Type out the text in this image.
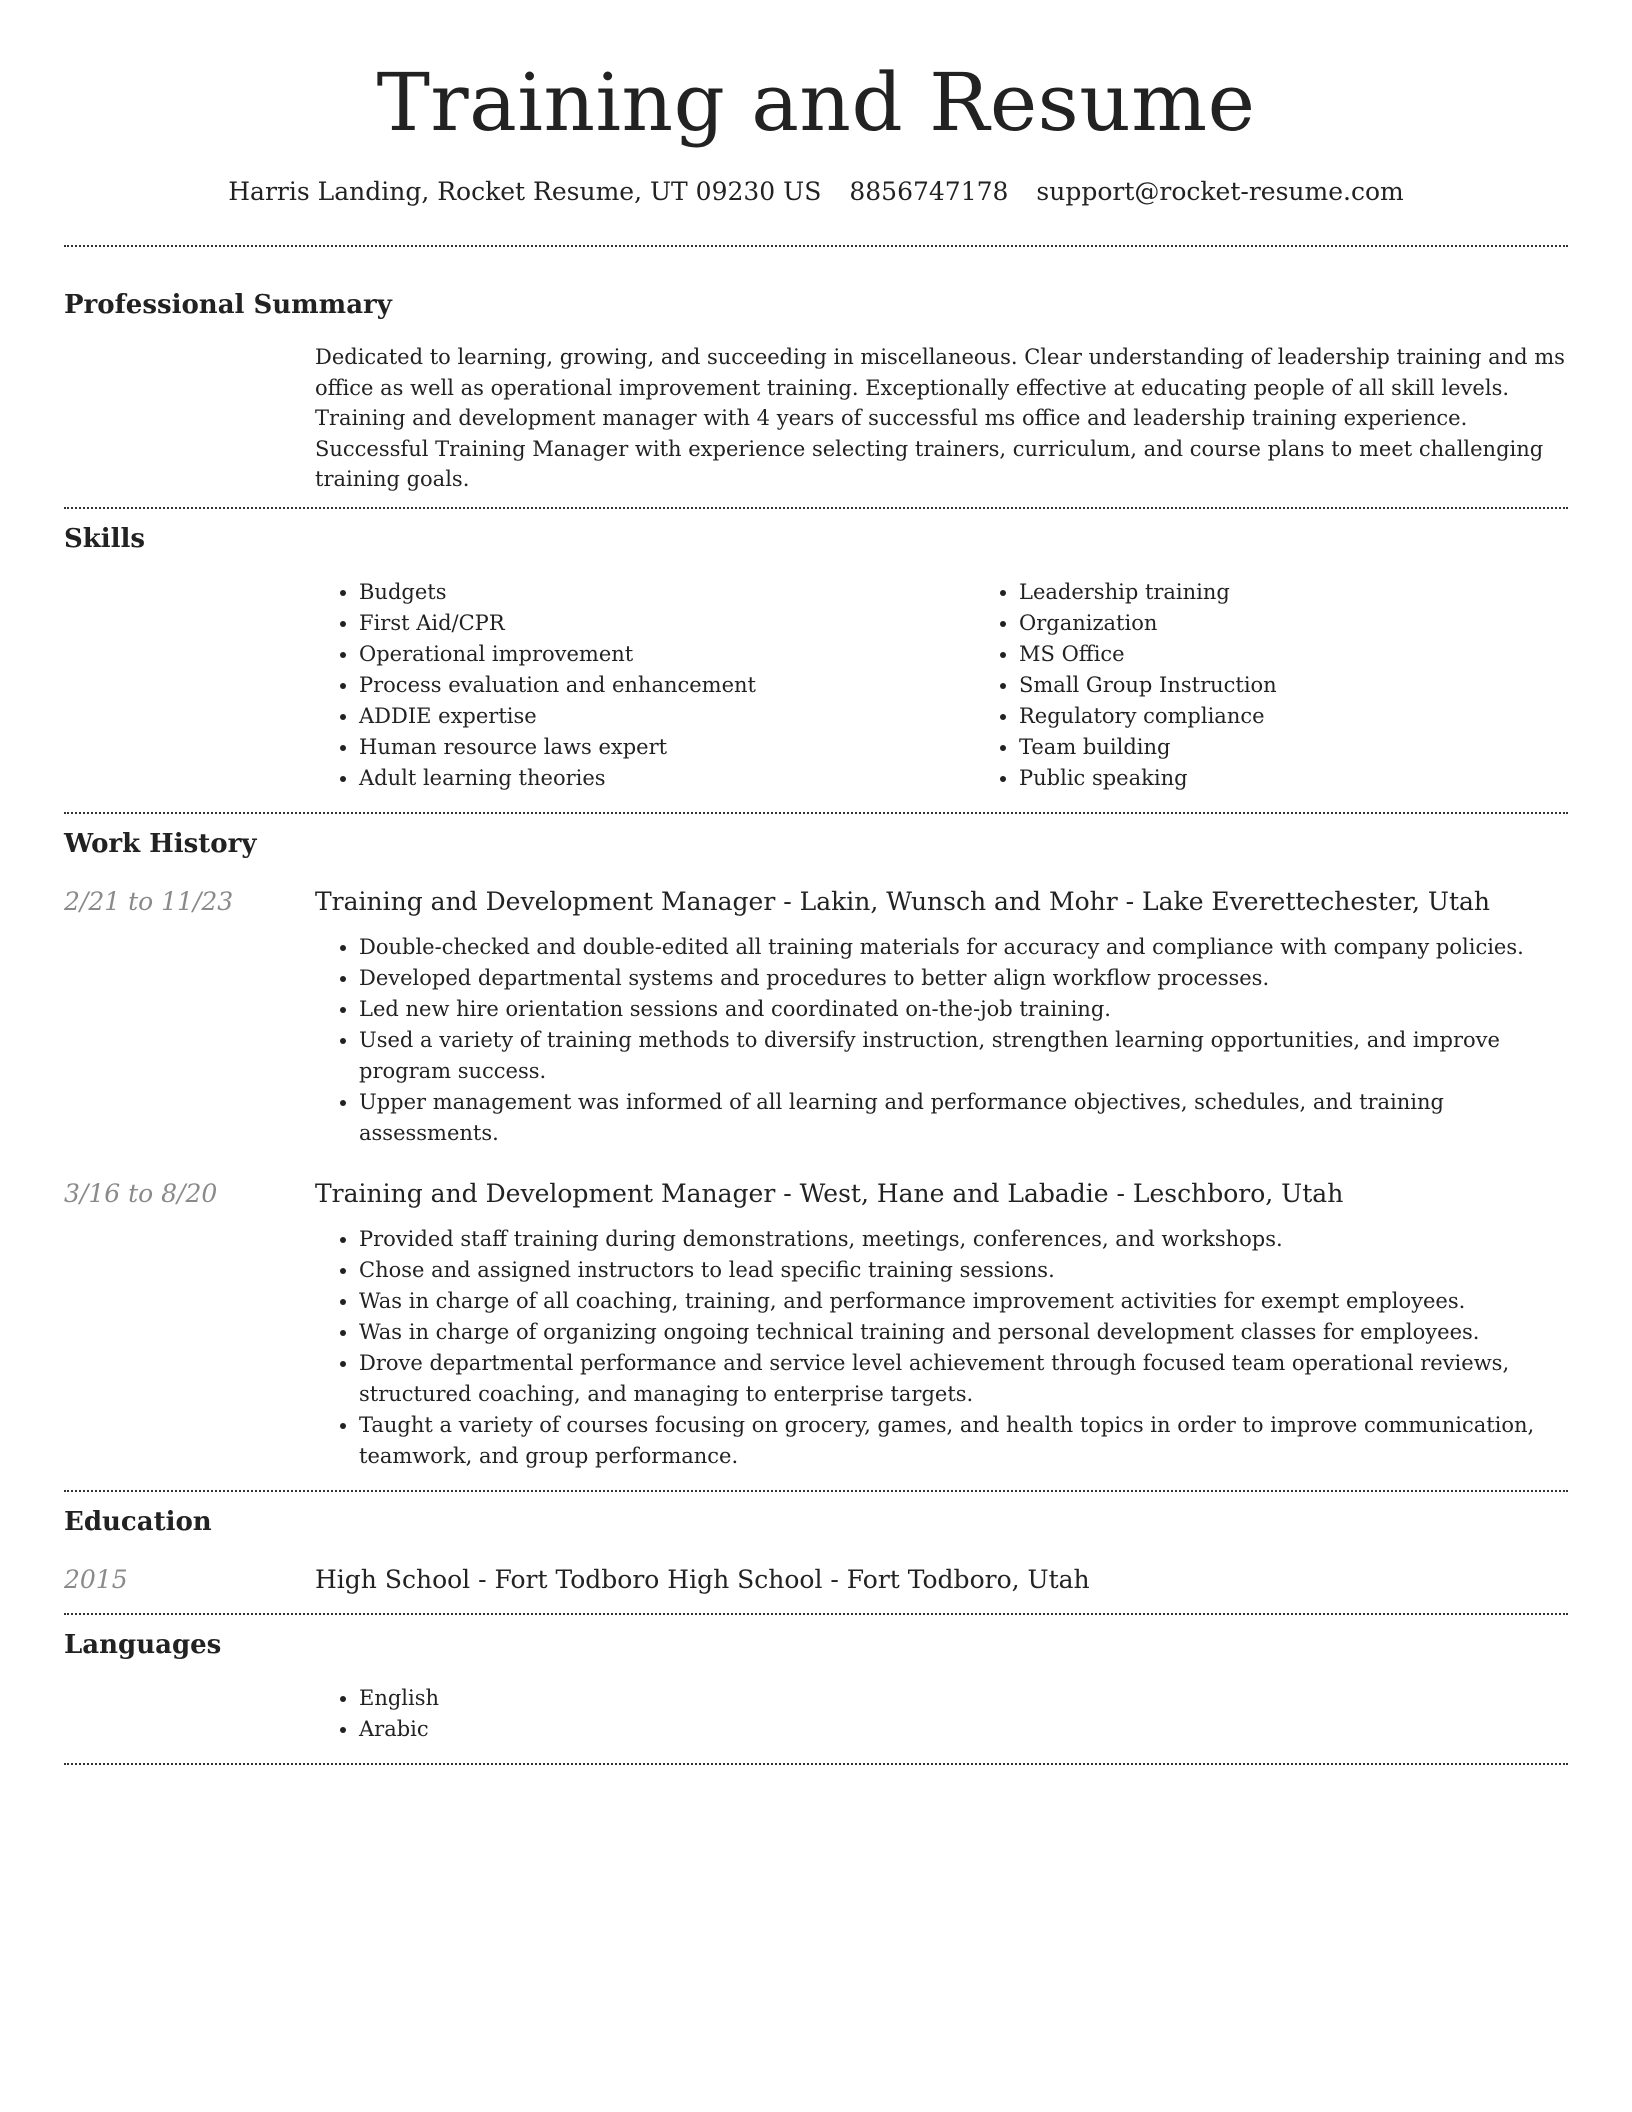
Training and Resume
Harris Landing, Rocket Resume, UT 09230 US 8856747178 support@rocket-resume.com
Professional Summary

Dedicated to learning, growing, and succeeding in miscellaneous. Clear understanding of leadership training and ms office as well as operational improvement training. Exceptionally effective at educating people of all skill levels. Training and development manager with 4 years of successful ms office and leadership training experience. Successful Training Manager with experience selecting trainers, curriculum, and course plans to meet challenging training goals.

Skills
• Budgets
• First Aid/CPR
• Operational improvement
• Process evaluation and enhancement
• ADDIE expertise
• Human resource laws expert
• Adult learning theories
• Leadership training
• Organization
• MS Office
• Small Group Instruction
• Regulatory compliance
• Team building
• Public speaking
Work History
2/21 to 11/23	Training and Development Manager - Lakin, Wunsch and Mohr - Lake Everettechester, Utah
• Double-checked and double-edited all training materials for accuracy and compliance with company policies.
• Developed departmental systems and procedures to better align workflow processes.
• Led new hire orientation sessions and coordinated on-the-job training.
• Used a variety of training methods to diversify instruction, strengthen learning opportunities, and improve program success.
• Upper management was informed of all learning and performance objectives, schedules, and training assessments.
3/16 to 8/20	Training and Development Manager - West, Hane and Labadie - Leschboro, Utah
• Provided staff training during demonstrations, meetings, conferences, and workshops.
• Chose and assigned instructors to lead specific training sessions.
• Was in charge of all coaching, training, and performance improvement activities for exempt employees.
• Was in charge of organizing ongoing technical training and personal development classes for employees.
• Drove departmental performance and service level achievement through focused team operational reviews, structured coaching, and managing to enterprise targets.
• Taught a variety of courses focusing on grocery, games, and health topics in order to improve communication, teamwork, and group performance.
Education
2015	High School - Fort Todboro High School - Fort Todboro, Utah
Languages
• English
• Arabic
